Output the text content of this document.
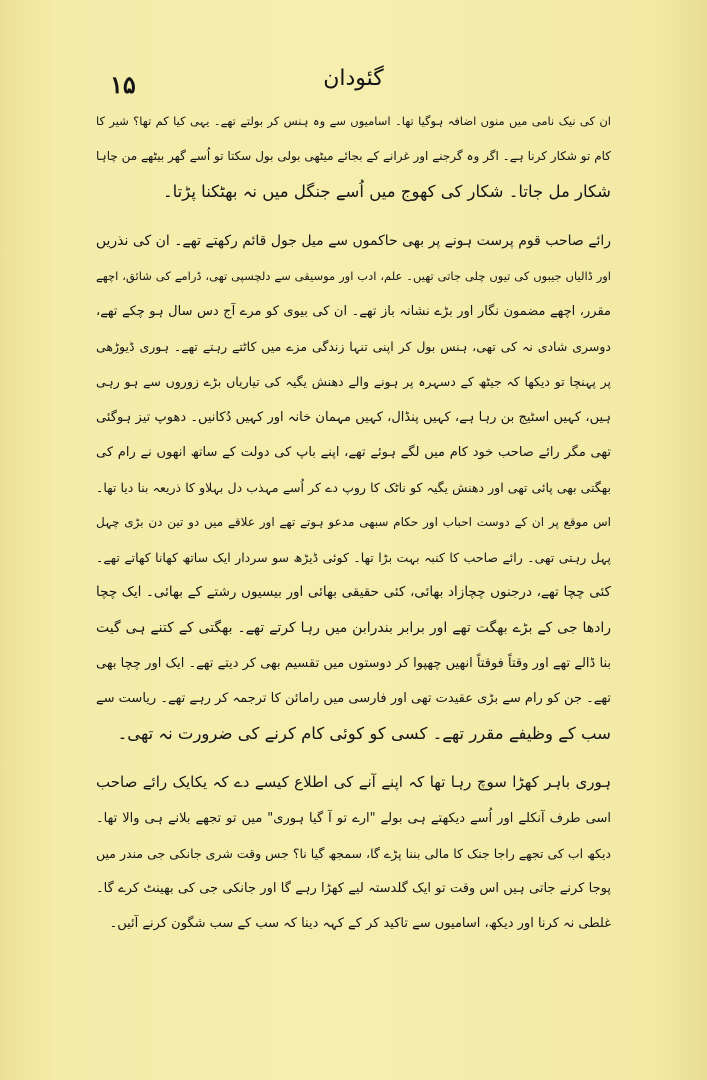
۱۵	گئودان
ان کی نیک نامی میں منوں اضافہ ہوگیا تھا۔ اسامیوں سے وہ ہنس کر بولتے تھے۔ یہی کیا کم تھا؟ شیر کا
کام تو شکار کرنا ہے۔ اگر وہ گرجنے اور غرانے کے بجائے میٹھی بولی بول سکتا تو اُسے گھر بیٹھے من چاہا
شکار مل جاتا۔ شکار کی کھوج میں اُسے جنگل میں نہ بھٹکنا پڑتا۔
رائے صاحب قوم پرست ہونے پر بھی حاکموں سے میل جول قائم رکھتے تھے۔ ان کی نذریں
اور ڈالیاں جیبوں کی تیوں چلی جاتی تھیں۔ علم، ادب اور موسیقی سے دلچسپی تھی، ڈرامے کی شائق، اچھے
مقرر، اچھے مضمون نگار اور بڑے نشانہ باز تھے۔ ان کی بیوی کو مرے آج دس سال ہو چکے تھے،
دوسری شادی نہ کی تھی، ہنس بول کر اپنی تنہا زندگی مزے میں کاٹتے رہتے تھے۔ ہوری ڈیوڑھی
پر پہنچا تو دیکھا کہ جیٹھ کے دسہرہ پر ہونے والے دھنش یگیہ کی تیاریاں بڑے زوروں سے ہو رہی
ہیں، کہیں اسٹیج بن رہا ہے، کہیں پنڈال، کہیں مہمان خانہ اور کہیں دُکانیں۔ دھوپ تیز ہوگئی
تھی مگر رائے صاحب خود کام میں لگے ہوئے تھے، اپنے باپ کی دولت کے ساتھ انھوں نے رام کی
بھگتی بھی پائی تھی اور دھنش یگیہ کو ناٹک کا روپ دے کر اُسے مہذب دل بہلاو کا ذریعہ بنا دیا تھا۔
اس موقع پر ان کے دوست احباب اور حکام سبھی مدعو ہوتے تھے اور علاقے میں دو تین دن بڑی چہل
پہل رہتی تھی۔ رائے صاحب کا کنبہ بہت بڑا تھا۔ کوئی ڈیڑھ سو سردار ایک ساتھ کھانا کھاتے تھے۔
کئی چچا تھے، درجنوں چچازاد بھائی، کئی حقیقی بھائی اور بیسیوں رشتے کے بھائی۔ ایک چچا
رادھا جی کے بڑے بھگت تھے اور برابر بندرابن میں رہا کرتے تھے۔ بھگتی کے کتنے ہی گیت
بنا ڈالے تھے اور وقتاً فوقتاً انھیں چھپوا کر دوستوں میں تقسیم بھی کر دیتے تھے۔ ایک اور چچا بھی
تھے۔ جن کو رام سے بڑی عقیدت تھی اور فارسی میں رامائن کا ترجمہ کر رہے تھے۔ ریاست سے
سب کے وظیفے مقرر تھے۔ کسی کو کوئی کام کرنے کی ضرورت نہ تھی۔
ہوری باہر کھڑا سوچ رہا تھا کہ اپنے آنے کی اطلاع کیسے دے کہ یکایک رائے صاحب
اسی طرف آنکلے اور اُسے دیکھتے ہی بولے "ارے تو آ گیا ہوری" میں تو تجھے بلانے ہی والا تھا۔
دیکھ اب کی تجھے راجا جنک کا مالی بننا پڑے گا، سمجھ گیا نا؟ جس وقت شری جانکی جی مندر میں
پوجا کرنے جاتی ہیں اس وقت تو ایک گلدستہ لیے کھڑا رہے گا اور جانکی جی کی بھینٹ کرے گا۔
غلطی نہ کرنا اور دیکھ، اسامیوں سے تاکید کر کے کہہ دینا کہ سب کے سب شگون کرنے آئیں۔
